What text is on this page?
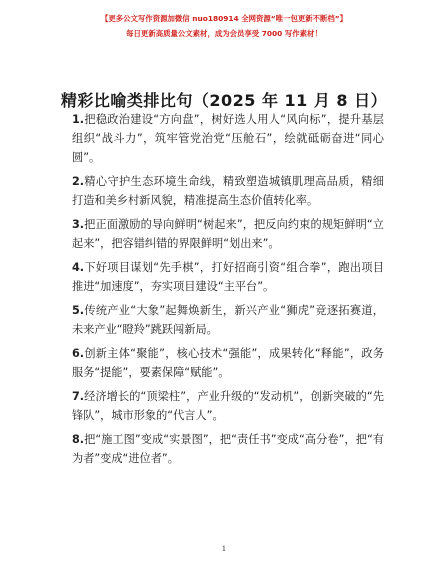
【更多公文写作资源加微信 nuo180914 全网资源“唯一包更新不断档”】
每日更新高质量公文素材，成为会员享受 7000 写作素材！
精彩比喻类排比句（2025 年 11 月 8 日）

1.把稳政治建设“方向盘”，树好选人用人“风向标”，提升基层组织“战斗力”，筑牢管党治党“压舱石”，绘就砥砺奋进“同心圆”。

2.精心守护生态环境生命线，精致塑造城镇肌理高品质，精细打造和美乡村新风貌，精准提高生态价值转化率。

3.把正面激励的导向鲜明“树起来”，把反向约束的规矩鲜明“立起来”，把容错纠错的界限鲜明“划出来”。

4.下好项目谋划“先手棋”，打好招商引资“组合拳”，跑出项目推进“加速度”，夯实项目建设“主平台”。

5.传统产业“大象”起舞焕新生，新兴产业“狮虎”竞逐拓赛道，未来产业“瞪羚”跳跃闯新局。

6.创新主体“聚能”，核心技术“强能”，成果转化“释能”，政务服务“提能”，要素保障“赋能”。

7.经济增长的“顶梁柱”，产业升级的“发动机”，创新突破的“先锋队”，城市形象的“代言人”。

8.把“施工图”变成“实景图”，把“责任书”变成“高分卷”，把“有为者”变成“进位者”。

1
